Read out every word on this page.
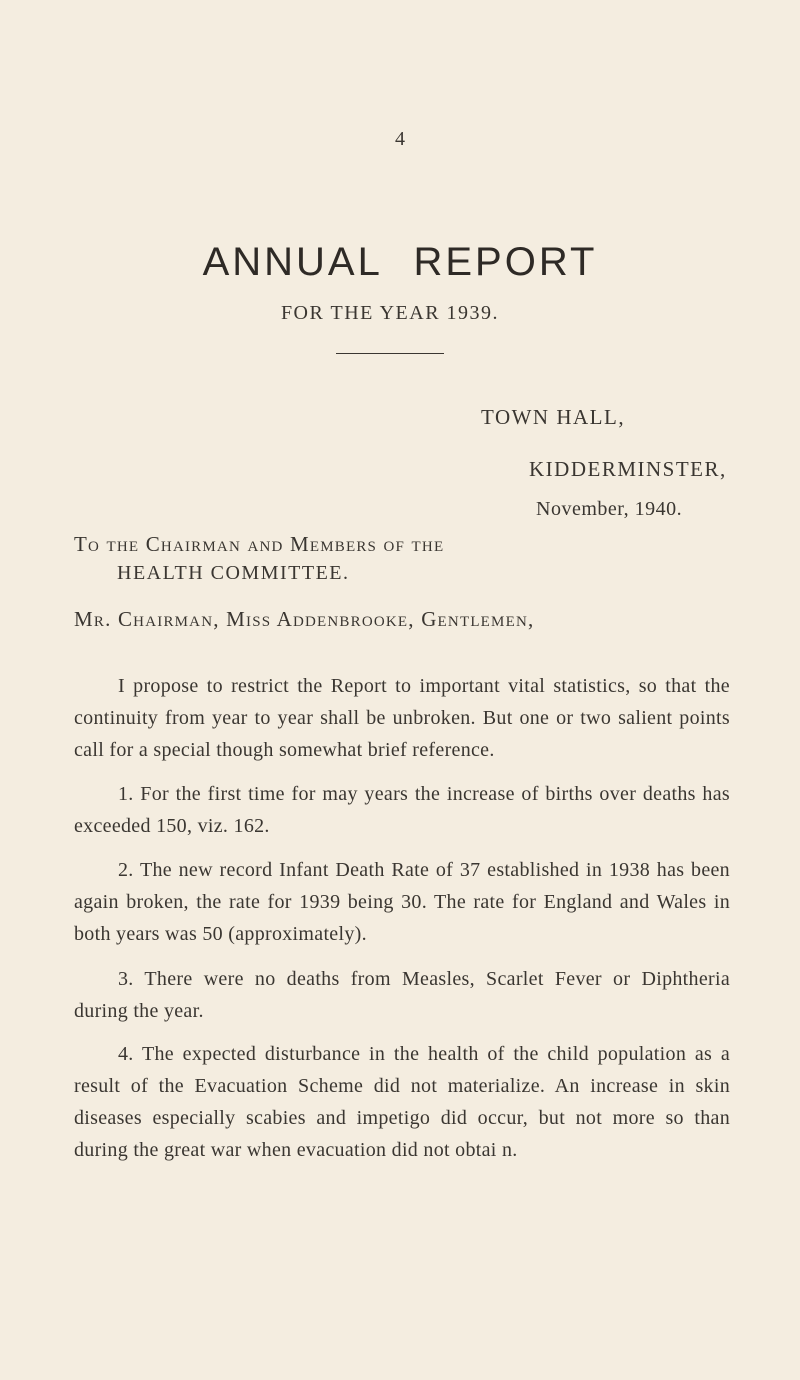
4
ANNUAL REPORT
FOR THE YEAR 1939.
TOWN HALL,
KIDDERMINSTER,
November, 1940.
To the Chairman and Members of the
HEALTH COMMITTEE.
Mr. Chairman, Miss Addenbrooke, Gentlemen,

I propose to restrict the Report to important vital statistics, so that the continuity from year to year shall be unbroken. But one or two salient points call for a special though somewhat brief reference.

1. For the first time for may years the increase of births over deaths has exceeded 150, viz. 162.

2. The new record Infant Death Rate of 37 established in 1938 has been again broken, the rate for 1939 being 30. The rate for England and Wales in both years was 50 (approximately).

3. There were no deaths from Measles, Scarlet Fever or Diphtheria during the year.

4. The expected disturbance in the health of the child population as a result of the Evacuation Scheme did not materialize. An increase in skin diseases especially scabies and impetigo did occur, but not more so than during the great war when evacuation did not obtai n.
